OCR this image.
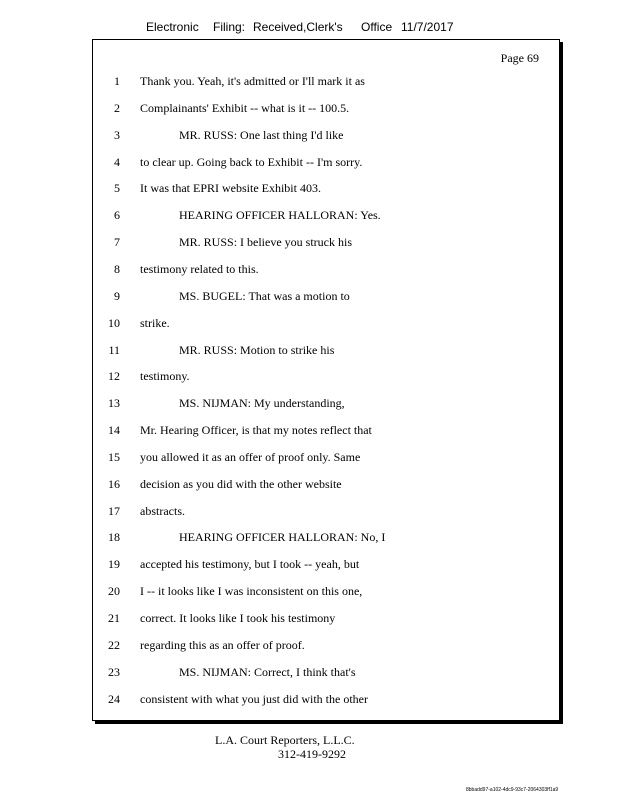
Electronic Filing: Received,Clerk's Office 11/7/2017
Page 69
1 Thank you. Yeah, it's admitted or I'll mark it as
2 Complainants' Exhibit -- what is it -- 100.5.
3	MR. RUSS: One last thing I'd like
4 to clear up. Going back to Exhibit -- I'm sorry.
5 It was that EPRI website Exhibit 403.
6	HEARING OFFICER HALLORAN: Yes.
7	MR. RUSS: I believe you struck his
8 testimony related to this.
9	MS. BUGEL: That was a motion to
10 strike.
11	MR. RUSS: Motion to strike his
12 testimony.
13	MS. NIJMAN: My understanding,
14 Mr. Hearing Officer, is that my notes reflect that
15 you allowed it as an offer of proof only. Same
16 decision as you did with the other website
17 abstracts.
18	HEARING OFFICER HALLORAN: No, I
19 accepted his testimony, but I took -- yeah, but
20 I -- it looks like I was inconsistent on this one,
21 correct. It looks like I took his testimony
22 regarding this as an offer of proof.
23	MS. NIJMAN: Correct, I think that's
24 consistent with what you just did with the other
L.A. Court Reporters, L.L.C.
312-419-9292
8bbadd97-a102-4dc9-93c7-2064303ff1a9
